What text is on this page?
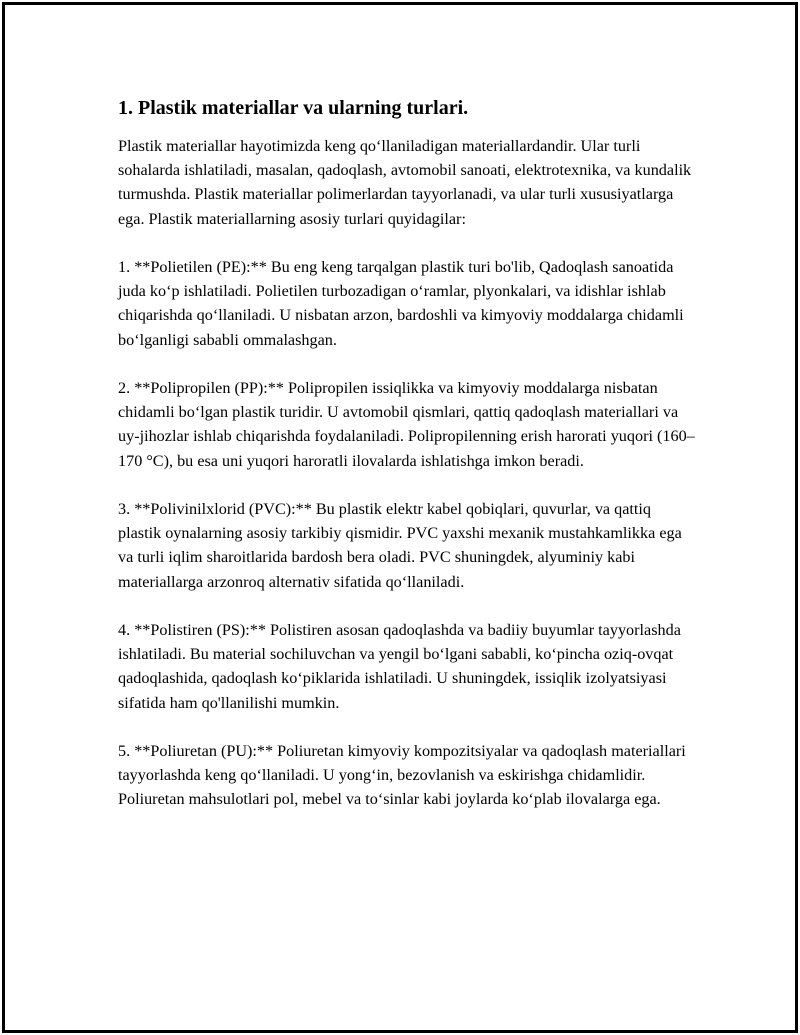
1. Plastik materiallar va ularning turlari.
Plastik materiallar hayotimizda keng qo‘llaniladigan materiallardandir. Ular turli sohalarda ishlatiladi, masalan, qadoqlash, avtomobil sanoati, elektrotexnika, va kundalik turmushda. Plastik materiallar polimerlardan tayyorlanadi, va ular turli xususiyatlarga ega. Plastik materiallarning asosiy turlari quyidagilar:
1. **Polietilen (PE):** Bu eng keng tarqalgan plastik turi bo'lib, Qadoqlash sanoatida juda ko‘p ishlatiladi. Polietilen turbozadigan o‘ramlar, plyonkalari, va idishlar ishlab chiqarishda qo‘llaniladi. U nisbatan arzon, bardoshli va kimyoviy moddalarga chidamli bo‘lganligi sababli ommalashgan.
2. **Polipropilen (PP):** Polipropilen issiqlikka va kimyoviy moddalarga nisbatan chidamli bo‘lgan plastik turidir. U avtomobil qismlari, qattiq qadoqlash materiallari va uy-jihozlar ishlab chiqarishda foydalaniladi. Polipropilenning erish harorati yuqori (160–170 °C), bu esa uni yuqori haroratli ilovalarda ishlatishga imkon beradi.
3. **Polivinilxlorid (PVC):** Bu plastik elektr kabel qobiqlari, quvurlar, va qattiq plastik oynalarning asosiy tarkibiy qismidir. PVC yaxshi mexanik mustahkamlikka ega va turli iqlim sharoitlarida bardosh bera oladi. PVC shuningdek, alyuminiy kabi materiallarga arzonroq alternativ sifatida qo‘llaniladi.
4. **Polistiren (PS):** Polistiren asosan qadoqlashda va badiiy buyumlar tayyorlashda ishlatiladi. Bu material sochiluvchan va yengil bo‘lgani sababli, ko‘pincha oziq-ovqat qadoqlashida, qadoqlash ko‘piklarida ishlatiladi. U shuningdek, issiqlik izolyatsiyasi sifatida ham qo'llanilishi mumkin.
5. **Poliuretan (PU):** Poliuretan kimyoviy kompozitsiyalar va qadoqlash materiallari tayyorlashda keng qo‘llaniladi. U yong‘in, bezovlanish va eskirishga chidamlidir. Poliuretan mahsulotlari pol, mebel va to‘sinlar kabi joylarda ko‘plab ilovalarga ega.
